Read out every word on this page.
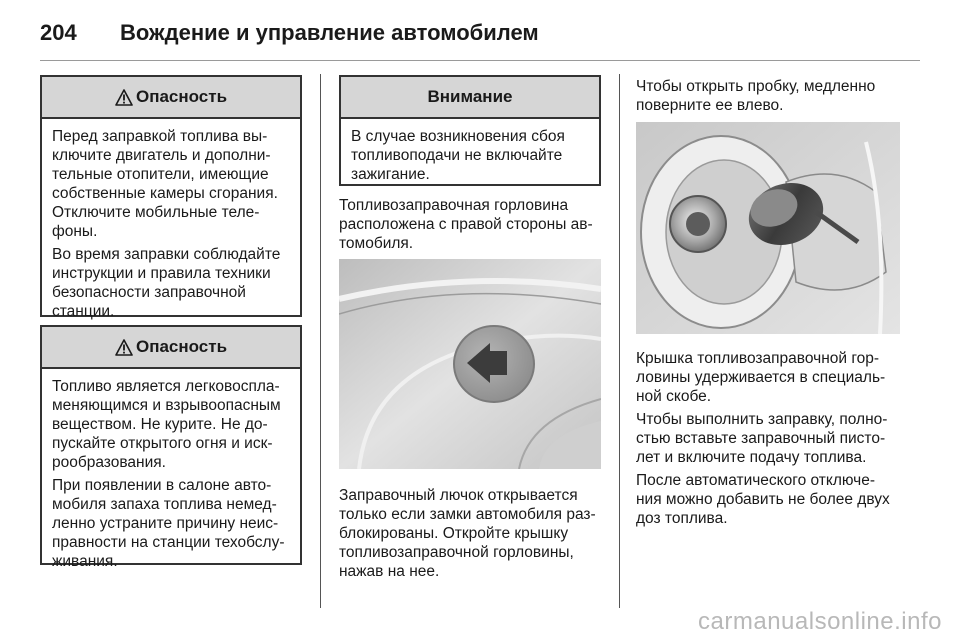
204 Вождение и управление автомобилем
Опасность

Перед заправкой топлива вы-
ключите двигатель и дополни-
тельные отопители, имеющие
собственные камеры сгорания.
Отключите мобильные теле-
фоны.

Во время заправки соблюдайте
инструкции и правила техники
безопасности заправочной
станции.

Опасность

Топливо является легковоспла-
меняющимся и взрывоопасным
веществом. Не курите. Не до-
пускайте открытого огня и иск-
рообразования.

При появлении в салоне авто-
мобиля запаха топлива немед-
ленно устраните причину неис-
правности на станции техобслу-
живания.

Внимание

В случае возникновения сбоя
топливоподачи не включайте
зажигание.

Топливозаправочная горловина
расположена с правой стороны ав-
томобиля.

Заправочный лючок открывается
только если замки автомобиля раз-
блокированы. Откройте крышку
топливозаправочной горловины,
нажав на нее.

Чтобы открыть пробку, медленно
поверните ее влево.

Крышка топливозаправочной гор-
ловины удерживается в специаль-
ной скобе.

Чтобы выполнить заправку, полно-
стью вставьте заправочный писто-
лет и включите подачу топлива.

После автоматического отключе-
ния можно добавить не более двух
доз топлива.

carmanualsonline.info
